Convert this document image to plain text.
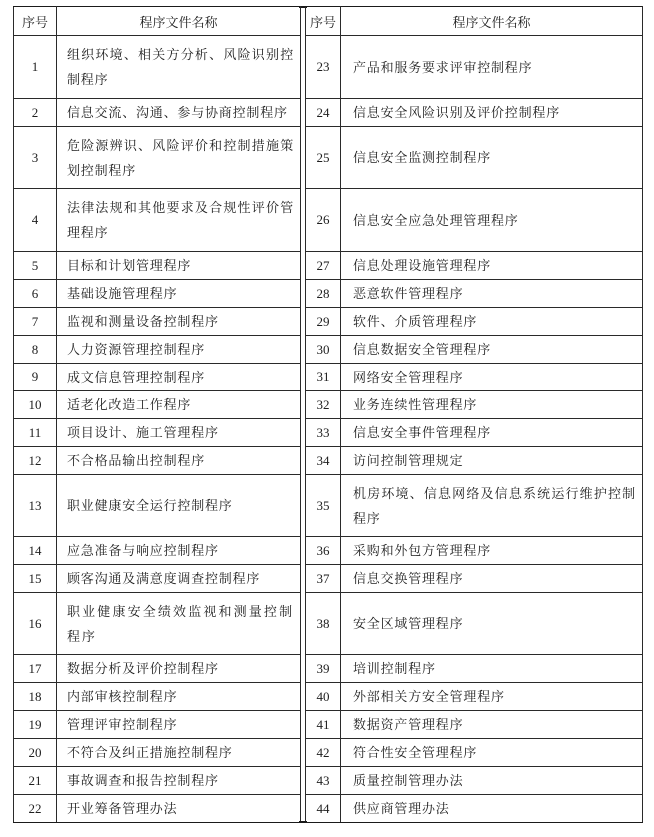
序号	程序文件名称
1	组织环境、相关方分析、风险识别控制程序
2	信息交流、沟通、参与协商控制程序
3	危险源辨识、风险评价和控制措施策划控制程序
4	法律法规和其他要求及合规性评价管理程序
5	目标和计划管理程序
6	基础设施管理程序
7	监视和测量设备控制程序
8	人力资源管理控制程序
9	成文信息管理控制程序
10	适老化改造工作程序
11	项目设计、施工管理程序
12	不合格品输出控制程序
13	职业健康安全运行控制程序
14	应急准备与响应控制程序
15	顾客沟通及满意度调查控制程序
16	职业健康安全绩效监视和测量控制程序
17	数据分析及评价控制程序
18	内部审核控制程序
19	管理评审控制程序
20	不符合及纠正措施控制程序
21	事故调查和报告控制程序
22	开业筹备管理办法
序号	程序文件名称
23	产品和服务要求评审控制程序
24	信息安全风险识别及评价控制程序
25	信息安全监测控制程序
26	信息安全应急处理管理程序
27	信息处理设施管理程序
28	恶意软件管理程序
29	软件、介质管理程序
30	信息数据安全管理程序
31	网络安全管理程序
32	业务连续性管理程序
33	信息安全事件管理程序
34	访问控制管理规定
35	机房环境、信息网络及信息系统运行维护控制程序
36	采购和外包方管理程序
37	信息交换管理程序
38	安全区域管理程序
39	培训控制程序
40	外部相关方安全管理程序
41	数据资产管理程序
42	符合性安全管理程序
43	质量控制管理办法
44	供应商管理办法
